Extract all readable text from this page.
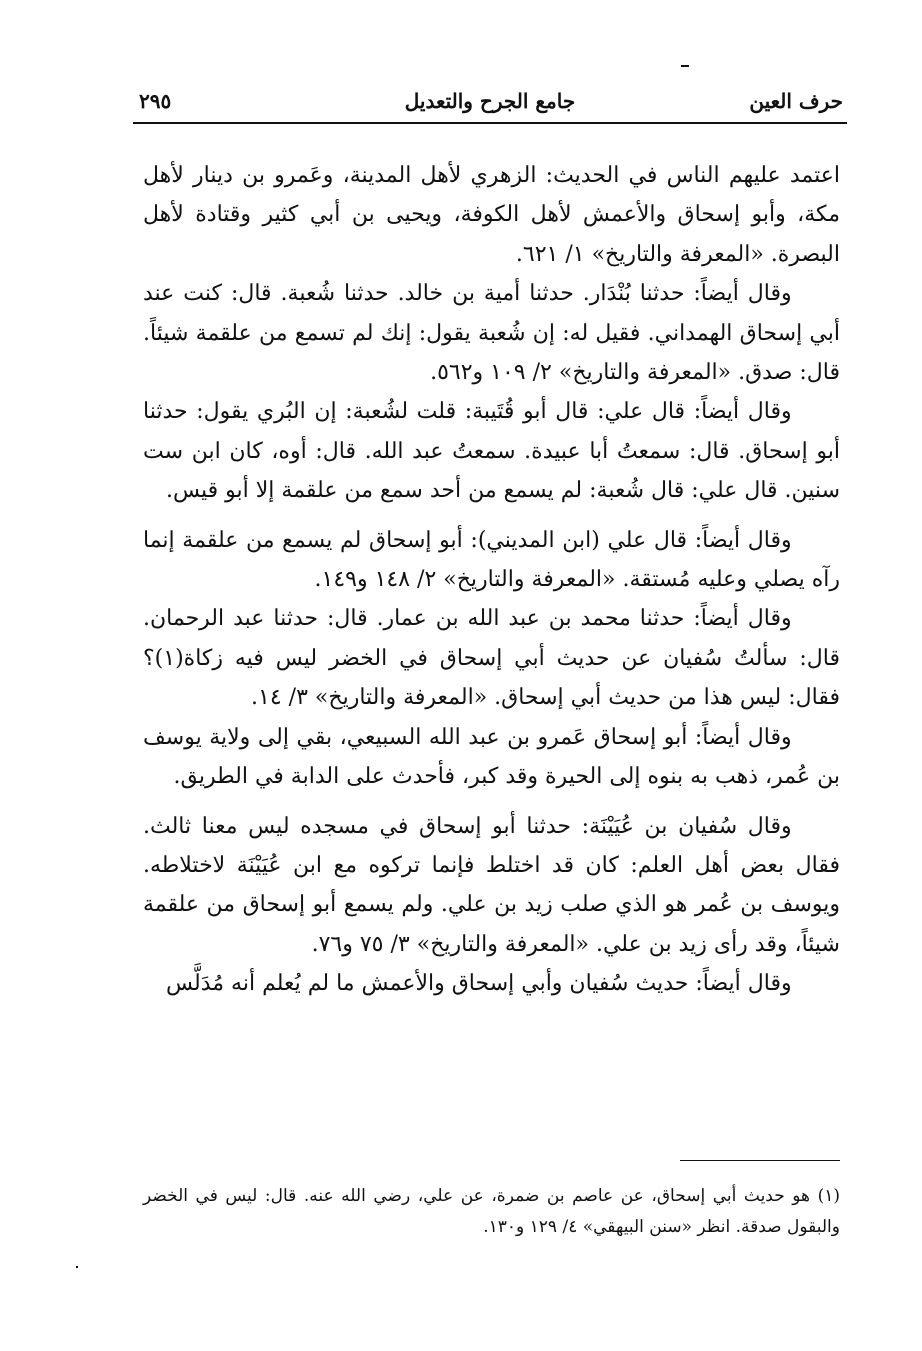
حرف العين
جامع الجرح والتعديل
٢٩٥

اعتمد عليهم الناس في الحديث: الزهري لأهل المدينة، وعَمرو بن دينار لأهل مكة، وأبو إسحاق والأعمش لأهل الكوفة، ويحيى بن أبي كثير وقتادة لأهل البصرة. «المعرفة والتاريخ» ١/ ٦٢١.

وقال أيضاً: حدثنا بُنْدَار. حدثنا أمية بن خالد. حدثنا شُعبة. قال: كنت عند أبي إسحاق الهمداني. فقيل له: إن شُعبة يقول: إنك لم تسمع من علقمة شيئاً. قال: صدق. «المعرفة والتاريخ» ٢/ ١٠٩ و٥٦٢.

وقال أيضاً: قال علي: قال أبو قُتَيبة: قلت لشُعبة: إن البُري يقول: حدثنا أبو إسحاق. قال: سمعتُ أبا عبيدة. سمعتُ عبد الله. قال: أوه، كان ابن ست سنين. قال علي: قال شُعبة: لم يسمع من أحد سمع من علقمة إلا أبو قيس.

وقال أيضاً: قال علي (ابن المديني): أبو إسحاق لم يسمع من علقمة إنما رآه يصلي وعليه مُستقة. «المعرفة والتاريخ» ٢/ ١٤٨ و١٤٩.

وقال أيضاً: حدثنا محمد بن عبد الله بن عمار. قال: حدثنا عبد الرحمان. قال: سألتُ سُفيان عن حديث أبي إسحاق في الخضر ليس فيه زكاة(١)؟ فقال: ليس هذا من حديث أبي إسحاق. «المعرفة والتاريخ» ٣/ ١٤.

وقال أيضاً: أبو إسحاق عَمرو بن عبد الله السبيعي، بقي إلى ولاية يوسف بن عُمر، ذهب به بنوه إلى الحيرة وقد كبر، فأحدث على الدابة في الطريق.

وقال سُفيان بن عُيَيْنَة: حدثنا أبو إسحاق في مسجده ليس معنا ثالث. فقال بعض أهل العلم: كان قد اختلط فإنما تركوه مع ابن عُيَيْنَة لاختلاطه. ويوسف بن عُمر هو الذي صلب زيد بن علي. ولم يسمع أبو إسحاق من علقمة شيئاً، وقد رأى زيد بن علي. «المعرفة والتاريخ» ٣/ ٧٥ و٧٦.

وقال أيضاً: حديث سُفيان وأبي إسحاق والأعمش ما لم يُعلم أنه مُدَلَّس

(١) هو حديث أبي إسحاق، عن عاصم بن ضمرة، عن علي، رضي الله عنه. قال: ليس في الخضر والبقول صدقة. انظر «سنن البيهقي» ٤/ ١٢٩ و١٣٠.
